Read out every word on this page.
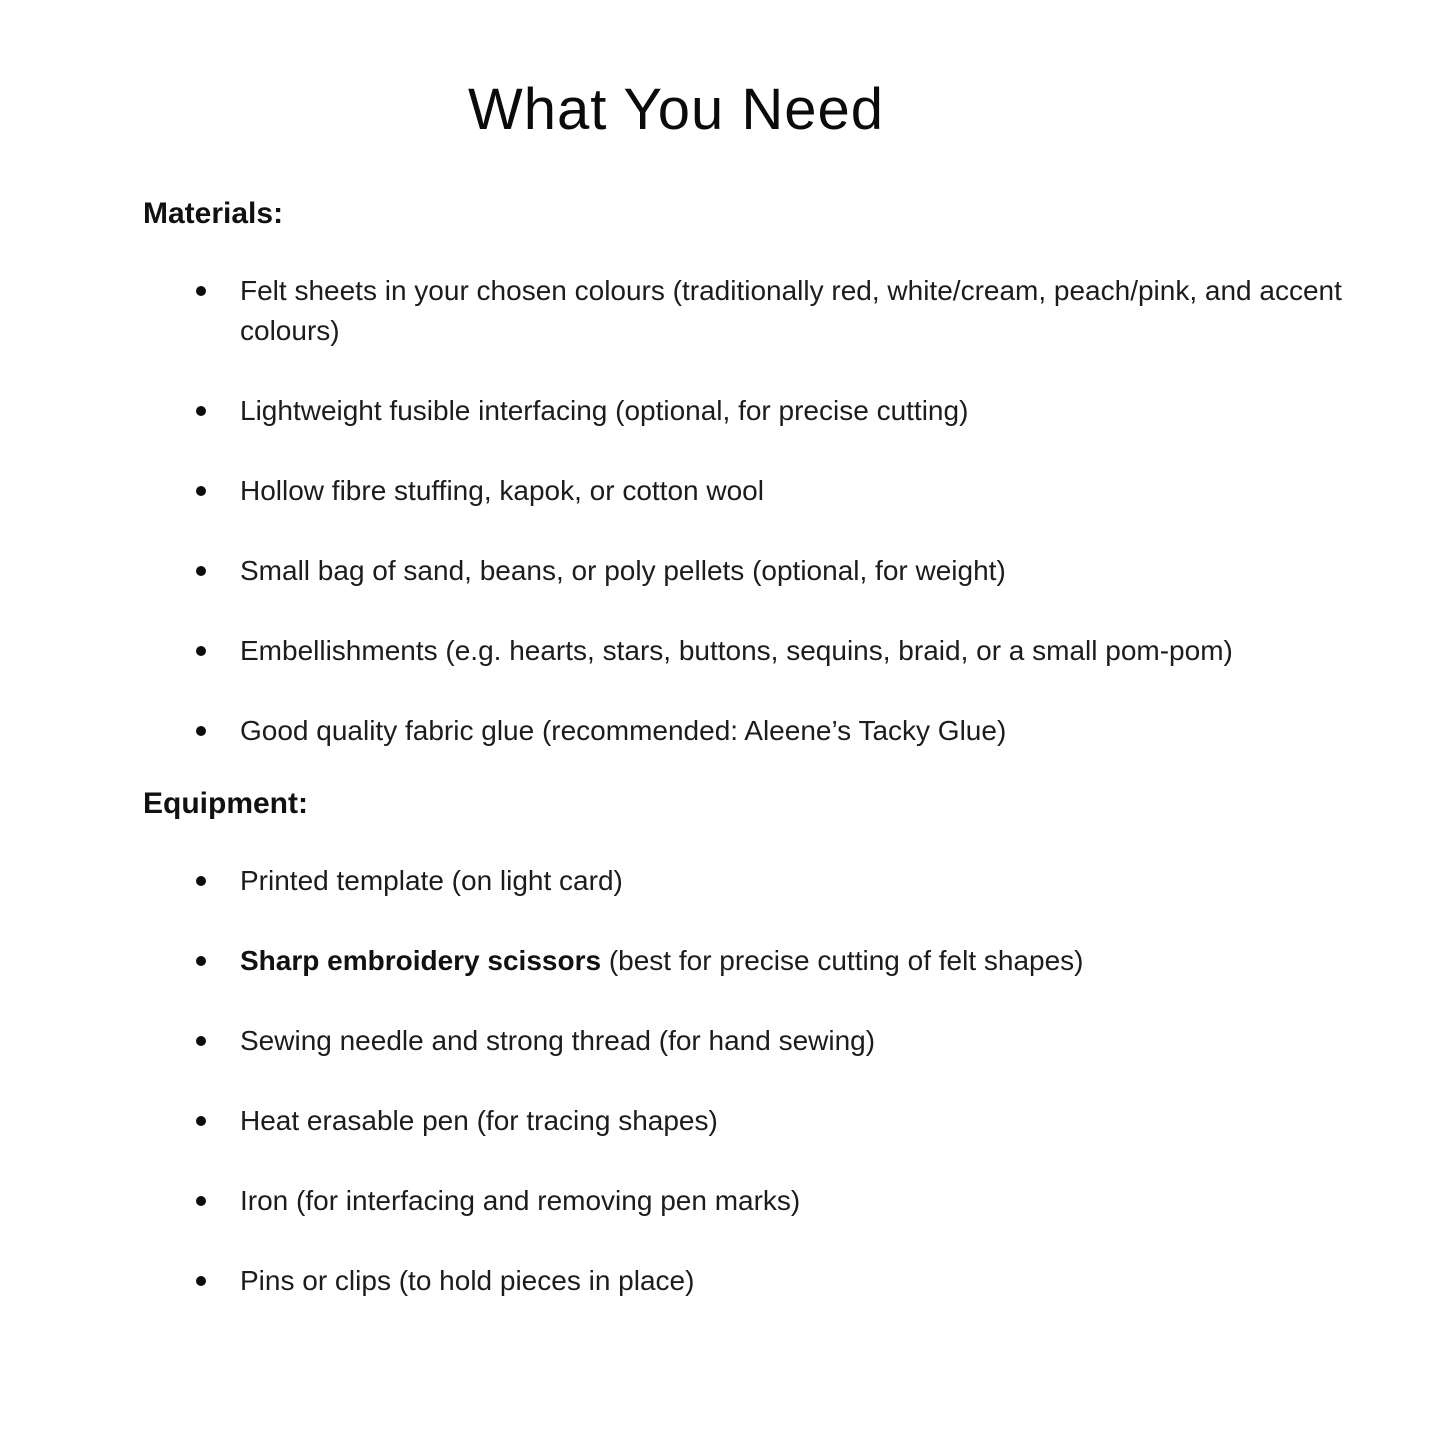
What You Need
Materials:
Felt sheets in your chosen colours (traditionally red, white/cream, peach/pink, and accent colours)
Lightweight fusible interfacing (optional, for precise cutting)
Hollow fibre stuffing, kapok, or cotton wool
Small bag of sand, beans, or poly pellets (optional, for weight)
Embellishments (e.g. hearts, stars, buttons, sequins, braid, or a small pom-pom)
Good quality fabric glue (recommended: Aleene’s Tacky Glue)
Equipment:
Printed template (on light card)
Sharp embroidery scissors (best for precise cutting of felt shapes)
Sewing needle and strong thread (for hand sewing)
Heat erasable pen (for tracing shapes)
Iron (for interfacing and removing pen marks)
Pins or clips (to hold pieces in place)
